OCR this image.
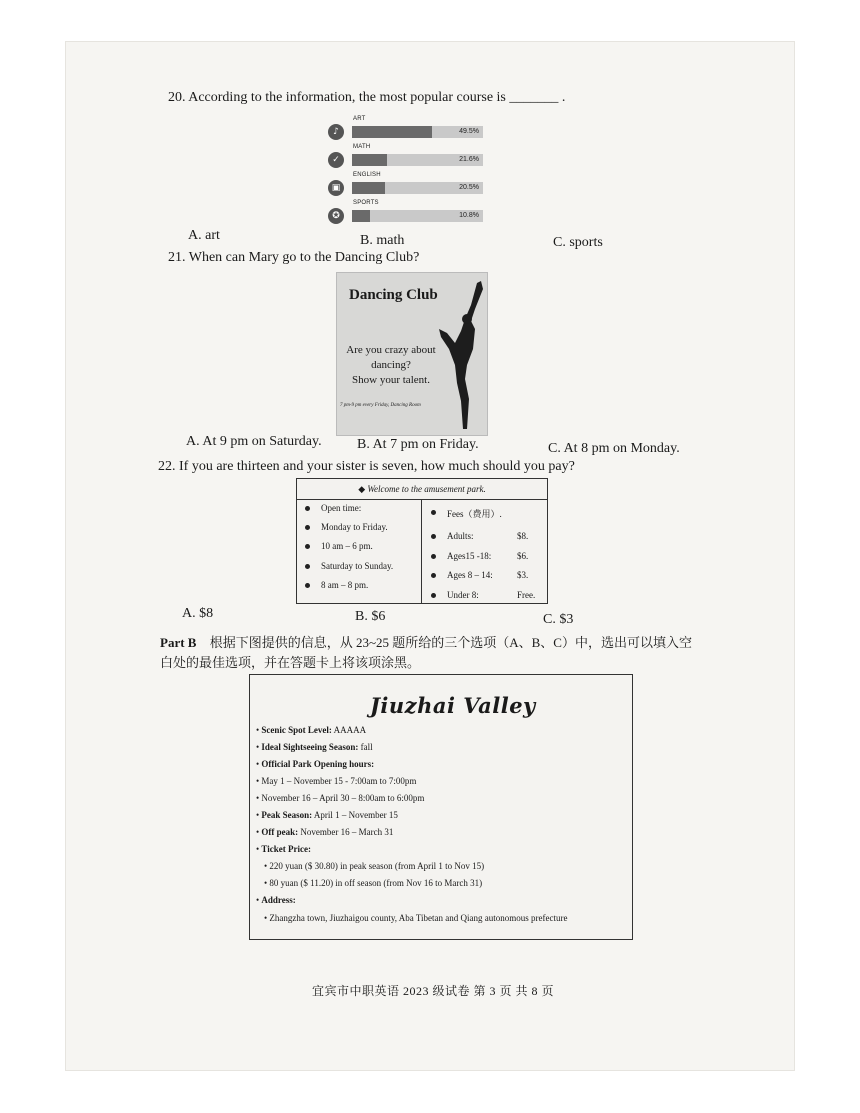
20. According to the information, the most popular course is _______ .
♪
ART
49.5%
✓
MATH
21.6%
▣
ENGLISH
20.5%
✪
SPORTS
10.8%
A. art	B. math	C. sports
21. When can Mary go to the Dancing Club?
Dancing Club
Are you crazy about
dancing?
Show your talent.
7 pm-9 pm every Friday, Dancing Room
A. At 9 pm on Saturday.	B. At 7 pm on Friday.	C. At 8 pm on Monday.
22. If you are thirteen and your sister is seven, how much should you pay?
◆ Welcome to the amusement park.
Open time:
Monday to Friday.
10 am – 6 pm.
Saturday to Sunday.
8 am – 8 pm.
Fees（费用）.
Adults:	$8.
Ages15 -18:	$6.
Ages 8 – 14:	$3.
Under 8:	Free.
A. $8	B. $6	C. $3
Part B 根据下图提供的信息，从 23~25 题所给的三个选项（A、B、C）中，选出可以填入空
白处的最佳选项，并在答题卡上将该项涂黑。
Jiuzhai Valley
• Scenic Spot Level: AAAAA
• Ideal Sightseeing Season: fall
• Official Park Opening hours:
• May 1 – November 15 - 7:00am to 7:00pm
• November 16 – April 30 – 8:00am to 6:00pm
• Peak Season: April 1 – November 15
• Off peak: November 16 – March 31
• Ticket Price:
• 220 yuan ($ 30.80) in peak season (from April 1 to Nov 15)
• 80 yuan ($ 11.20) in off season (from Nov 16 to March 31)
• Address:
• Zhangzha town, Jiuzhaigou county, Aba Tibetan and Qiang autonomous prefecture
宜宾市中职英语 2023 级试卷 第 3 页 共 8 页
